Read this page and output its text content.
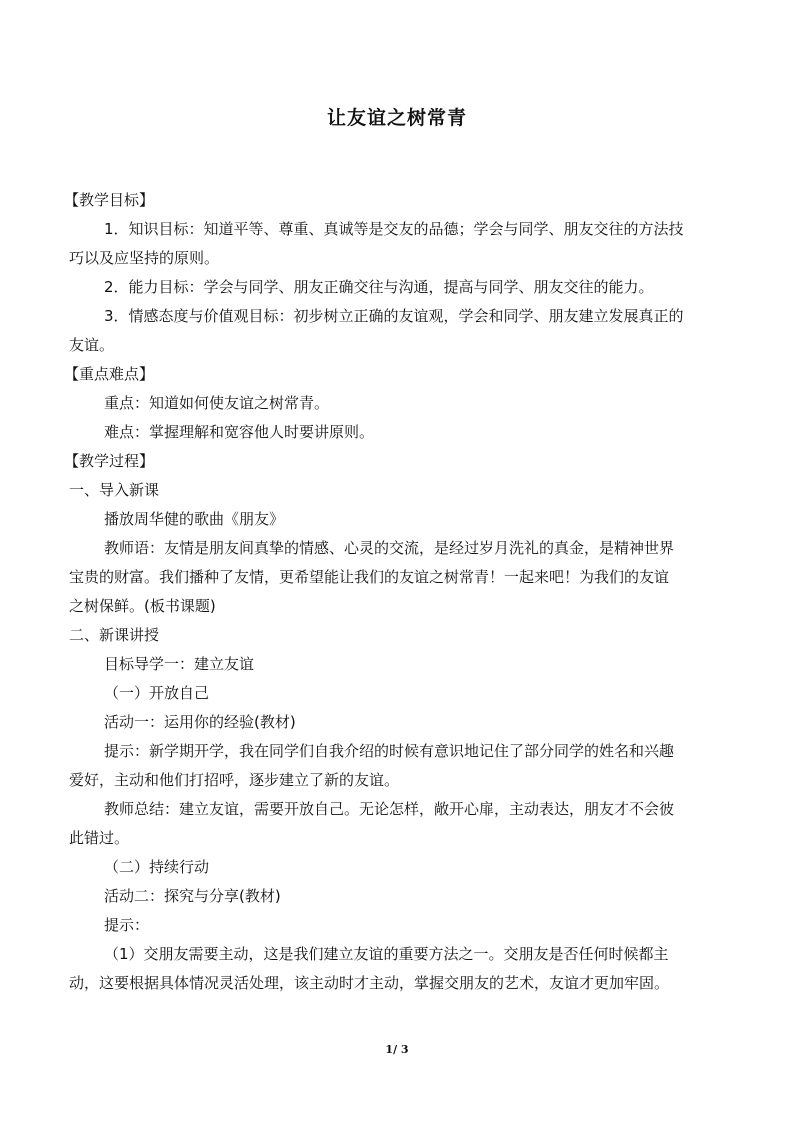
让友谊之树常青
【教学目标】
1．知识目标：知道平等、尊重、真诚等是交友的品德；学会与同学、朋友交往的方法技
巧以及应坚持的原则。
2．能力目标：学会与同学、朋友正确交往与沟通，提高与同学、朋友交往的能力。
3．情感态度与价值观目标：初步树立正确的友谊观，学会和同学、朋友建立发展真正的
友谊。
【重点难点】
重点：知道如何使友谊之树常青。
难点：掌握理解和宽容他人时要讲原则。
【教学过程】
一、导入新课
播放周华健的歌曲《朋友》
教师语：友情是朋友间真挚的情感、心灵的交流，是经过岁月洗礼的真金，是精神世界
宝贵的财富。我们播种了友情，更希望能让我们的友谊之树常青！一起来吧！为我们的友谊
之树保鲜。(板书课题)
二、新课讲授
目标导学一：建立友谊
（一）开放自己
活动一：运用你的经验(教材)
提示：新学期开学，我在同学们自我介绍的时候有意识地记住了部分同学的姓名和兴趣
爱好，主动和他们打招呼，逐步建立了新的友谊。
教师总结：建立友谊，需要开放自己。无论怎样，敞开心扉，主动表达，朋友才不会彼
此错过。
（二）持续行动
活动二：探究与分享(教材)
提示：
（1）交朋友需要主动，这是我们建立友谊的重要方法之一。交朋友是否任何时候都主
动，这要根据具体情况灵活处理，该主动时才主动，掌握交朋友的艺术，友谊才更加牢固。
1/ 3
